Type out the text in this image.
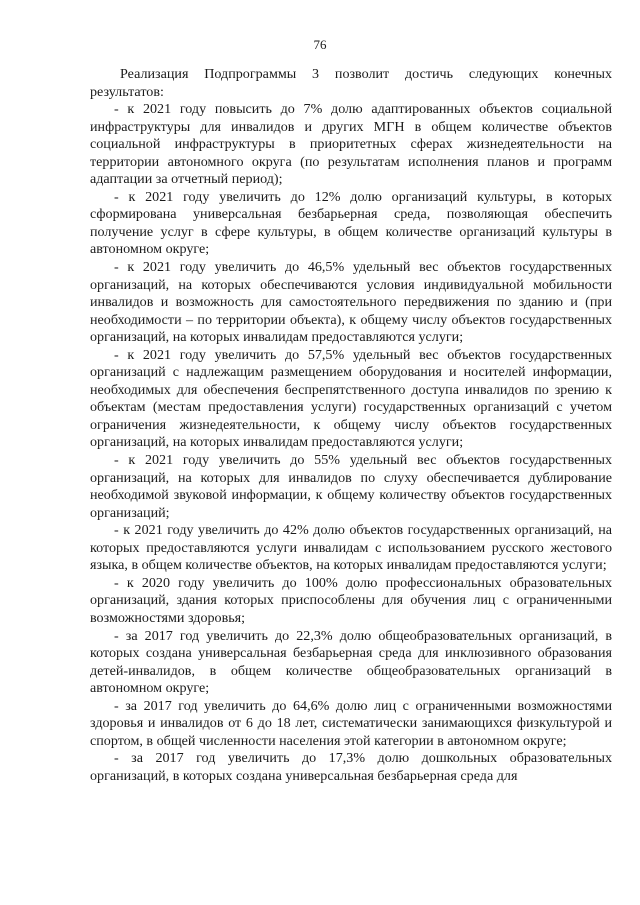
76

Реализация Подпрограммы 3 позволит достичь следующих конечных результатов:

- к 2021 году повысить до 7% долю адаптированных объектов социальной инфраструктуры для инвалидов и других МГН в общем количестве объектов социальной инфраструктуры в приоритетных сферах жизнедеятельности на территории автономного округа (по результатам исполнения планов и программ адаптации за отчетный период);

- к 2021 году увеличить до 12% долю организаций культуры, в которых сформирована универсальная безбарьерная среда, позволяющая обеспечить получение услуг в сфере культуры, в общем количестве организаций культуры в автономном округе;

- к 2021 году увеличить до 46,5% удельный вес объектов государственных организаций, на которых обеспечиваются условия индивидуальной мобильности инвалидов и возможность для самостоятельного передвижения по зданию и (при необходимости – по территории объекта), к общему числу объектов государственных организаций, на которых инвалидам предоставляются услуги;

- к 2021 году увеличить до 57,5% удельный вес объектов государственных организаций с надлежащим размещением оборудования и носителей информации, необходимых для обеспечения беспрепятственного доступа инвалидов по зрению к объектам (местам предоставления услуги) государственных организаций с учетом ограничения жизнедеятельности, к общему числу объектов государственных организаций, на которых инвалидам предоставляются услуги;

- к 2021 году увеличить до 55% удельный вес объектов государственных организаций, на которых для инвалидов по слуху обеспечивается дублирование необходимой звуковой информации, к общему количеству объектов государственных организаций;

- к 2021 году увеличить до 42% долю объектов государственных организаций, на которых предоставляются услуги инвалидам с использованием русского жестового языка, в общем количестве объектов, на которых инвалидам предоставляются услуги;

- к 2020 году увеличить до 100% долю профессиональных образовательных организаций, здания которых приспособлены для обучения лиц с ограниченными возможностями здоровья;

- за 2017 год увеличить до 22,3% долю общеобразовательных организаций, в которых создана универсальная безбарьерная среда для инклюзивного образования детей-инвалидов, в общем количестве общеобразовательных организаций в автономном округе;

- за 2017 год увеличить до 64,6% долю лиц с ограниченными возможностями здоровья и инвалидов от 6 до 18 лет, систематически занимающихся физкультурой и спортом, в общей численности населения этой категории в автономном округе;

- за 2017 год увеличить до 17,3% долю дошкольных образовательных организаций, в которых создана универсальная безбарьерная среда для
